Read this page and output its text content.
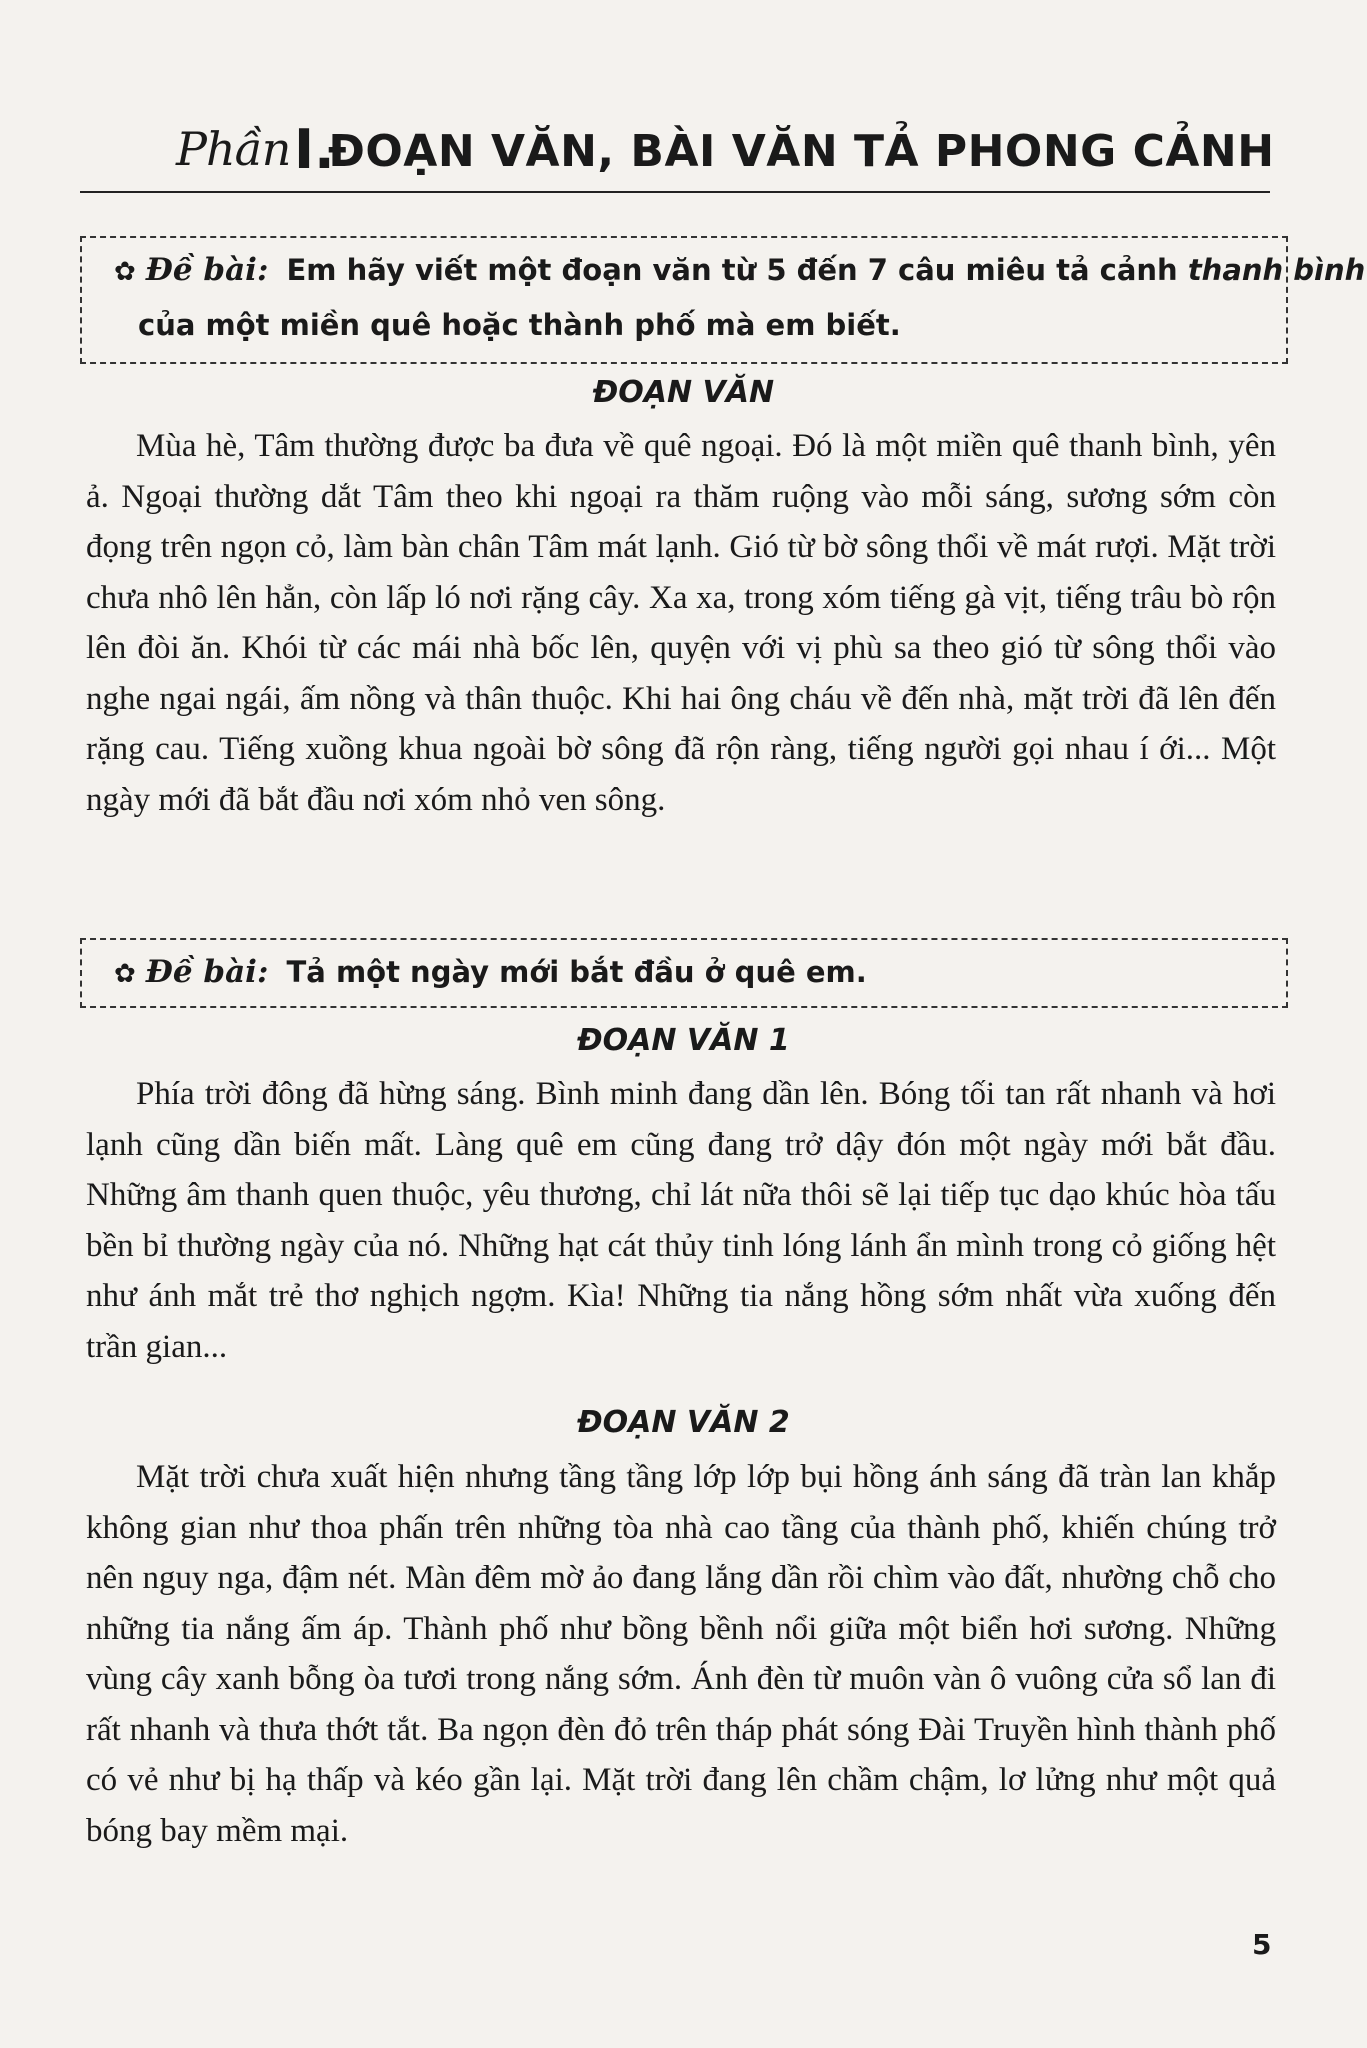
Phần I.
ĐOẠN VĂN, BÀI VĂN TẢ PHONG CẢNH
✿ Đề bài: Em hãy viết một đoạn văn từ 5 đến 7 câu miêu tả cảnh thanh bình
của một miền quê hoặc thành phố mà em biết.
ĐOẠN VĂN

Mùa hè, Tâm thường được ba đưa về quê ngoại. Đó là một miền quê thanh bình, yên ả. Ngoại thường dắt Tâm theo khi ngoại ra thăm ruộng vào mỗi sáng, sương sớm còn đọng trên ngọn cỏ, làm bàn chân Tâm mát lạnh. Gió từ bờ sông thổi về mát rượi. Mặt trời chưa nhô lên hẳn, còn lấp ló nơi rặng cây. Xa xa, trong xóm tiếng gà vịt, tiếng trâu bò rộn lên đòi ăn. Khói từ các mái nhà bốc lên, quyện với vị phù sa theo gió từ sông thổi vào nghe ngai ngái, ấm nồng và thân thuộc. Khi hai ông cháu về đến nhà, mặt trời đã lên đến rặng cau. Tiếng xuồng khua ngoài bờ sông đã rộn ràng, tiếng người gọi nhau í ới... Một ngày mới đã bắt đầu nơi xóm nhỏ ven sông.

✿ Đề bài: Tả một ngày mới bắt đầu ở quê em.
ĐOẠN VĂN 1

Phía trời đông đã hừng sáng. Bình minh đang dần lên. Bóng tối tan rất nhanh và hơi lạnh cũng dần biến mất. Làng quê em cũng đang trở dậy đón một ngày mới bắt đầu. Những âm thanh quen thuộc, yêu thương, chỉ lát nữa thôi sẽ lại tiếp tục dạo khúc hòa tấu bền bỉ thường ngày của nó. Những hạt cát thủy tinh lóng lánh ẩn mình trong cỏ giống hệt như ánh mắt trẻ thơ nghịch ngợm. Kìa! Những tia nắng hồng sớm nhất vừa xuống đến trần gian...

ĐOẠN VĂN 2

Mặt trời chưa xuất hiện nhưng tầng tầng lớp lớp bụi hồng ánh sáng đã tràn lan khắp không gian như thoa phấn trên những tòa nhà cao tầng của thành phố, khiến chúng trở nên nguy nga, đậm nét. Màn đêm mờ ảo đang lắng dần rồi chìm vào đất, nhường chỗ cho những tia nắng ấm áp. Thành phố như bồng bềnh nổi giữa một biển hơi sương. Những vùng cây xanh bỗng òa tươi trong nắng sớm. Ánh đèn từ muôn vàn ô vuông cửa sổ lan đi rất nhanh và thưa thớt tắt. Ba ngọn đèn đỏ trên tháp phát sóng Đài Truyền hình thành phố có vẻ như bị hạ thấp và kéo gần lại. Mặt trời đang lên chầm chậm, lơ lửng như một quả bóng bay mềm mại.

5
